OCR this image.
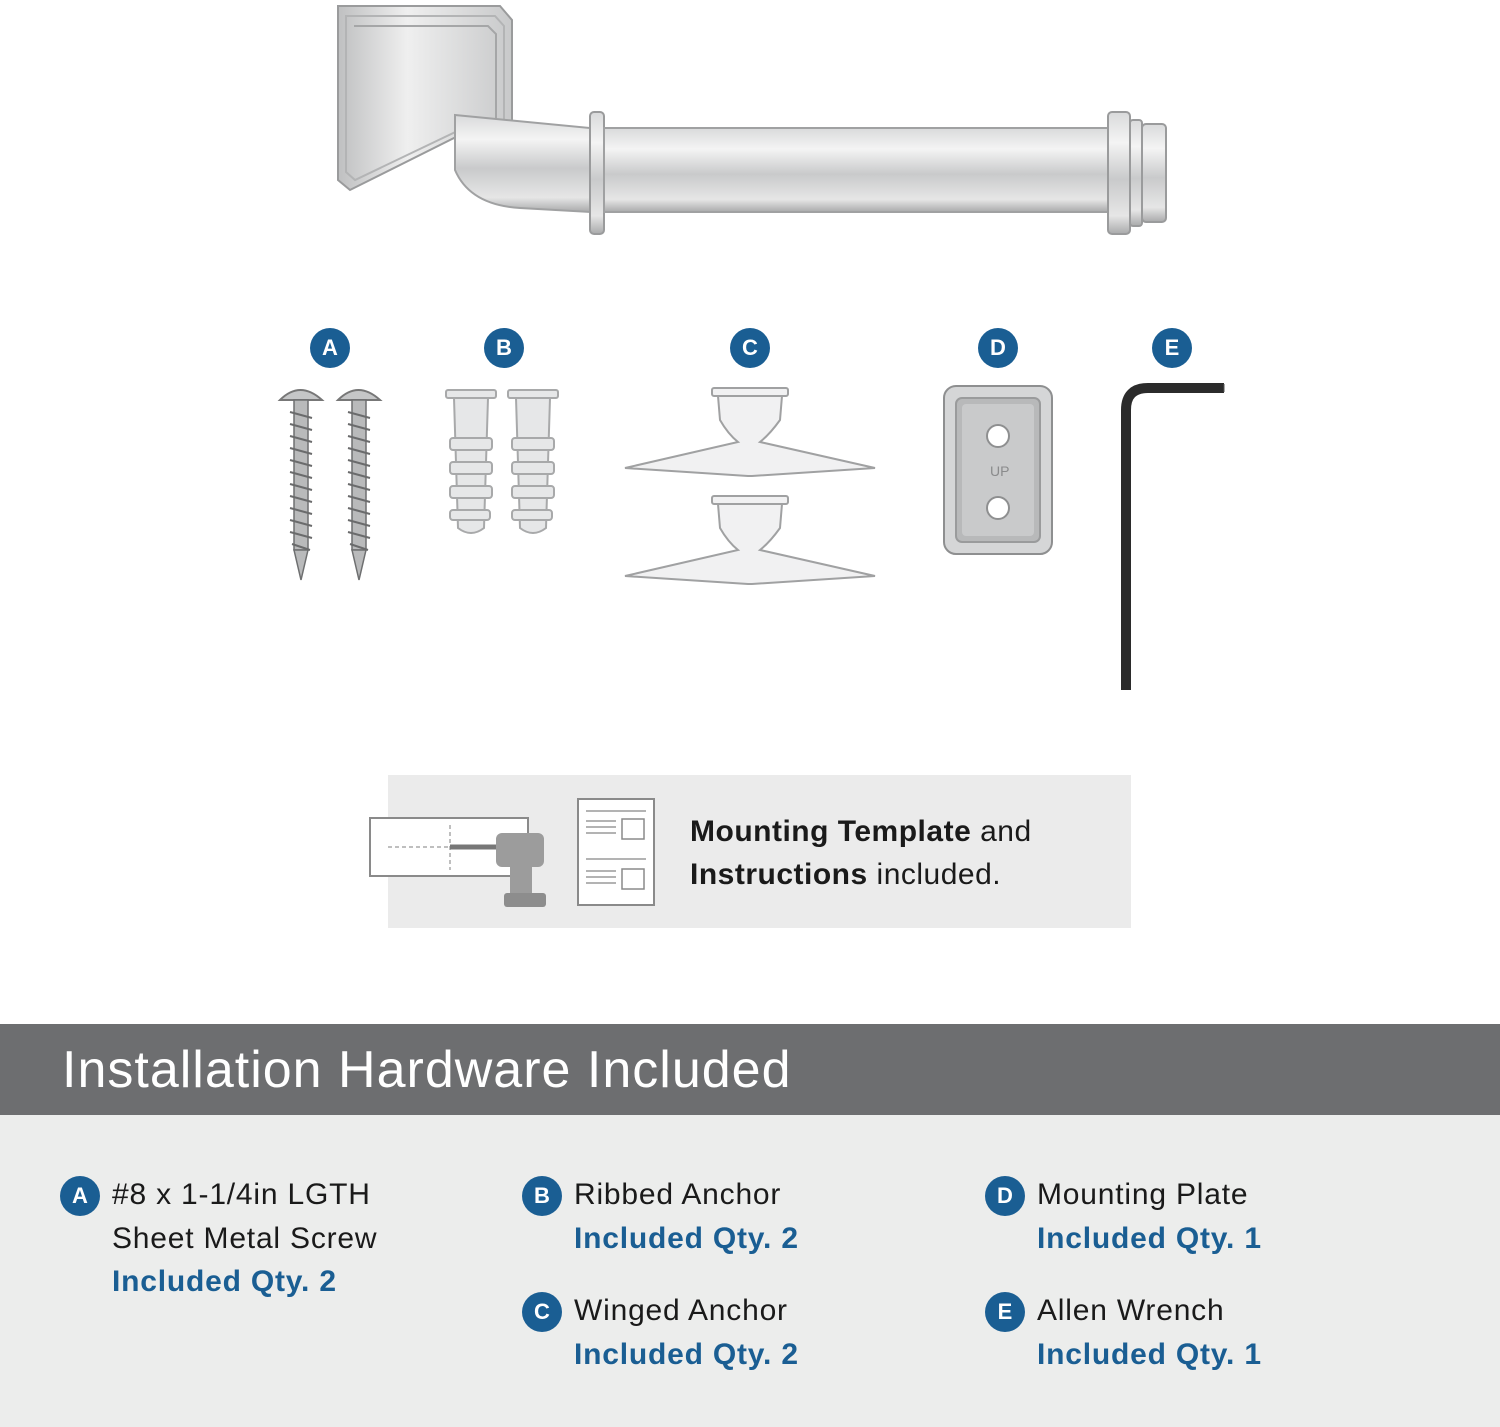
A	B	C	D
UP
E
Mounting Template and
Instructions included.
Installation Hardware Included
A #8 x 1-1/4in LGTH
Sheet Metal Screw
Included Qty. 2
B Ribbed Anchor
Included Qty. 2
C Winged Anchor
Included Qty. 2
D Mounting Plate
Included Qty. 1
E Allen Wrench
Included Qty. 1
